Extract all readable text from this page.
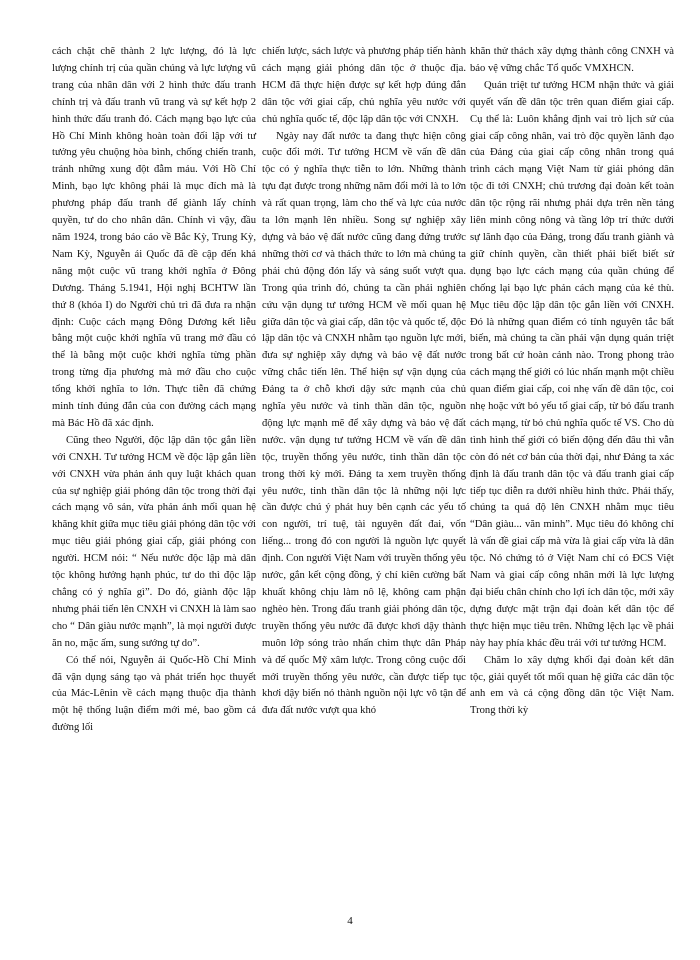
cách chặt chẽ thành 2 lực lượng, đó là lực lượng chính trị của quần chúng và lực lượng vũ trang của nhân dân với 2 hình thức đấu tranh chính trị và đấu tranh vũ trang và sự kết hợp 2 hình thức đấu tranh đó. Cách mạng bạo lực của Hồ Chí Minh không hoàn toàn đối lập với tư tưởng yêu chuộng hòa bình, chống chiến tranh, tránh những xung đột đẫm máu. Với Hồ Chí Minh, bạo lực không phải là mục đích mà là phương pháp đấu tranh để giành lấy chính quyền, tư do cho nhân dân. Chính vì vậy, đầu năm 1924, trong báo cáo về Bắc Kỳ, Trung Kỳ, Nam Kỳ, Nguyễn ái Quốc đã đề cập đến khả năng một cuộc vũ trang khởi nghĩa ở Đông Dương. Tháng 5.1941, Hội nghị BCHTW lần thứ 8 (khóa I) do Người chủ trì đã đưa ra nhận định: Cuộc cách mạng Đông Dương kết liễu bằng một cuộc khởi nghĩa vũ trang mở đầu có thể là bằng một cuộc khởi nghĩa từng phần trong từng địa phương mà mở đầu cho cuộc tổng khởi nghĩa to lớn. Thực tiễn đã chứng minh tính đúng đắn của con đường cách mạng mà Bác Hồ đã xác định.

Cũng theo Người, độc lập dân tộc gắn liền với CNXH. Tư tưởng HCM về độc lập gắn liền với CNXH vừa phản ánh quy luật khách quan của sự nghiệp giải phóng dân tộc trong thời đại cách mạng vô sản, vừa phản ánh mối quan hệ khăng khít giữa mục tiêu giải phóng dân tộc với mục tiêu giải phóng giai cấp, giải phóng con người. HCM nói: “ Nếu nước độc lập mà dân tộc không hưởng hạnh phúc, tư do thì độc lập chẳng có ý nghĩa gì”. Do đó, giành độc lập nhưng phải tiến lên CNXH vì CNXH là làm sao cho “ Dân giàu nước mạnh”, là mọi người được ăn no, mặc ấm, sung sướng tự do”.

Có thể nói, Nguyễn ái Quốc-Hồ Chí Minh đã vận dụng sáng tạo và phát triển học thuyết của Mác-Lênin về cách mạng thuộc địa thành một hệ thống luận điểm mới mẻ, bao gồm cả đường lối

chiến lược, sách lược và phương pháp tiến hành cách mạng giải phóng dân tộc ở thuộc địa. HCM đã thực hiện được sự kết hợp đúng đắn dân tộc với giai cấp, chủ nghĩa yêu nước với chủ nghĩa quốc tế, độc lập dân tộc với CNXH.

Ngày nay đất nước ta đang thực hiện công cuộc đổi mới. Tư tưởng HCM về vấn đề dân tộc có ý nghĩa thực tiễn to lớn. Những thành tựu đạt được trong những năm đổi mới là to lớn và rất quan trọng, làm cho thế và lực của nước ta lớn mạnh lên nhiều. Song sự nghiệp xây dựng và bảo vệ đất nước cũng đang đứng trước những thời cơ và thách thức to lớn mà chúng ta phải chủ động đón lấy và sáng suốt vượt qua. Trong qúa trình đó, chúng ta cần phải nghiên cứu vận dụng tư tưởng HCM về mối quan hệ giữa dân tộc và giai cấp, dân tộc và quốc tế, độc lập dân tộc và CNXH nhằm tạo nguồn lực mới, đưa sự nghiệp xây dựng và bảo vệ đất nước vững chắc tiến lên. Thể hiện sự vận dụng của Đảng ta ở chỗ khơi dậy sức mạnh của chủ nghĩa yêu nước và tinh thần dân tộc, nguồn động lực mạnh mẽ để xây dựng và bảo vệ đất nước. vận dụng tư tưởng HCM về vấn đề dân tộc, truyền thống yêu nước, tinh thần dân tộc trong thời kỳ mới. Đảng ta xem truyền thống yêu nước, tinh thần dân tộc là những nội lực cần được chú ý phát huy bên cạnh các yếu tố con người, trí tuệ, tài nguyên đất đai, vốn liếng... trong đó con người là nguồn lực quyết định. Con người Việt Nam với truyền thống yêu nước, gắn kết cộng đồng, ý chí kiên cường bất khuất không chịu làm nô lệ, không cam phận nghèo hèn. Trong đấu tranh giải phóng dân tộc, truyền thống yêu nước đã được khơi dậy thành muôn lớp sóng trào nhấn chìm thực dân Pháp và đế quốc Mỹ xâm lược. Trong công cuộc đổi mới truyền thống yêu nước, cần được tiếp tục khơi dậy biến nó thành nguồn nội lực vô tận để đưa đất nước vượt qua khó

khăn thử thách xây dựng thành công CNXH và bảo vệ vững chắc Tổ quốc VMXHCN.

Quán triệt tư tưởng HCM nhận thức và giải quyết vấn đề dân tộc trên quan điểm giai cấp. Cụ thể là: Luôn khẳng định vai trò lịch sử của giai cấp công nhân, vai trò độc quyền lãnh đạo của Đảng của giai cấp công nhân trong quá trình cách mạng Việt Nam từ giải phóng dân tộc đi tới CNXH; chủ trương đại đoàn kết toàn dân tộc rộng rãi nhưng phải dựa trên nền tảng liên minh công nông và tầng lớp trí thức dưới sự lãnh đạo của Đảng, trong đấu tranh giành và giữ chính quyền, cần thiết phải biết biết sử dụng bạo lực cách mạng của quần chúng để chống lại bạo lực phản cách mạng của kẻ thù. Mục tiêu độc lập dân tộc gắn liền với CNXH. Đó là những quan điểm có tính nguyên tắc bất biến, mà chúng ta cần phải vận dụng quán triệt trong bất cứ hoàn cảnh nào. Trong phong trào cách mạng thế giới có lúc nhấn mạnh một chiều quan điểm giai cấp, coi nhẹ vấn đề dân tộc, coi nhẹ hoặc vứt bỏ yếu tố giai cấp, từ bỏ đấu tranh cách mạng, từ bỏ chủ nghĩa quốc tế VS. Cho dù tình hình thế giới có biến động đến đâu thì vẫn còn đó nét cơ bản của thời đại, như Đảng ta xác định là đấu tranh dân tộc và đấu tranh giai cấp tiếp tục diễn ra dưới nhiều hình thức. Phải thấy, chúng ta quá độ lên CNXH nhằm mục tiêu “Dân giàu... văn minh”. Mục tiêu đó không chỉ là vấn đề giai cấp mà vừa là giai cấp vừa là dân tộc. Nó chứng tỏ ở Việt Nam chỉ có ĐCS Việt Nam và giai cấp công nhân mới là lực lượng đại biểu chân chính cho lợi ích dân tộc, mới xây dựng được mặt trận đại đoàn kết dân tộc để thực hiện mục tiêu trên. Những lệch lạc về phải này hay phía khác đều trái với tư tưởng HCM.

Chăm lo xây dựng khối đại đoàn kết dân tộc, giải quyết tốt mối quan hệ giữa các dân tộc anh em và cả cộng đồng dân tộc Việt Nam. Trong thời kỳ

4
